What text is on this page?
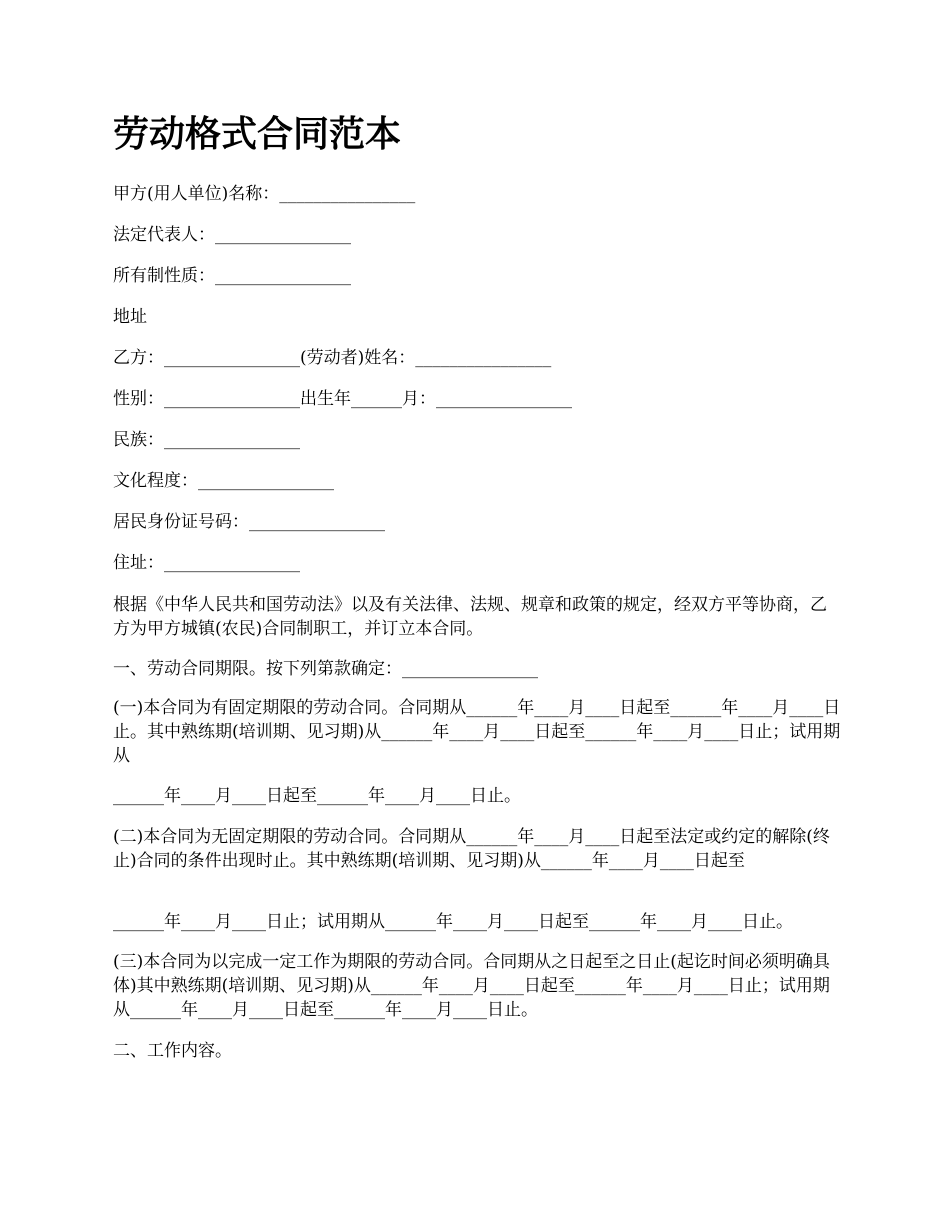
劳动格式合同范本

甲方(用人单位)名称：________________

法定代表人：________________

所有制性质：________________

地址

乙方：________________(劳动者)姓名：________________

性别：________________出生年______月：________________

民族：________________

文化程度：________________

居民身份证号码：________________

住址：________________

根据《中华人民共和国劳动法》以及有关法律、法规、规章和政策的规定，经双方平等协商，乙方为甲方城镇(农民)合同制职工，并订立本合同。

一、劳动合同期限。按下列第款确定：________________

(一)本合同为有固定期限的劳动合同。合同期从______年____月____日起至______年____月____日止。其中熟练期(培训期、见习期)从______年____月____日起至______年____月____日止；试用期从

______年____月____日起至______年____月____日止。

(二)本合同为无固定期限的劳动合同。合同期从______年____月____日起至法定或约定的解除(终止)合同的条件出现时止。其中熟练期(培训期、见习期)从______年____月____日起至

______年____月____日止；试用期从______年____月____日起至______年____月____日止。

(三)本合同为以完成一定工作为期限的劳动合同。合同期从之日起至之日止(起讫时间必须明确具体)其中熟练期(培训期、见习期)从______年____月____日起至______年____月____日止；试用期从______年____月____日起至______年____月____日止。

二、工作内容。
